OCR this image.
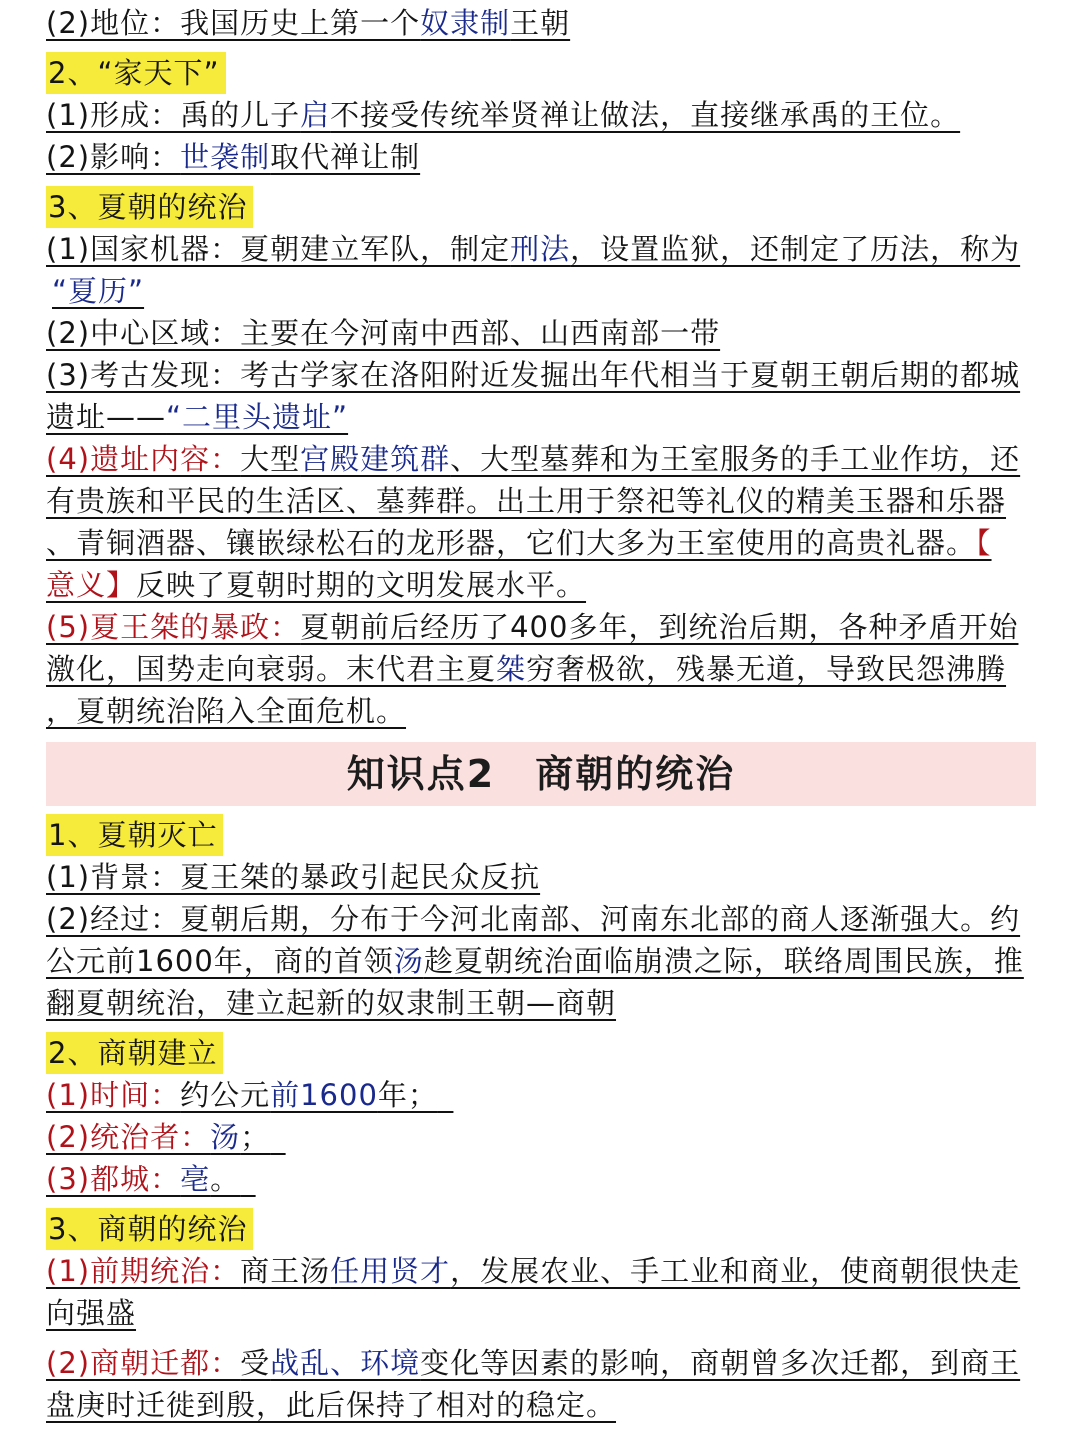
(2)地位：我国历史上第一个奴隶制王朝
2、“家天下”
(1)形成：禹的儿子启不接受传统举贤禅让做法，直接继承禹的王位。
(2)影响：世袭制取代禅让制
3、夏朝的统治
(1)国家机器：夏朝建立军队，制定刑法，设置监狱，还制定了历法，称为
“夏历”
(2)中心区域：主要在今河南中西部、山西南部一带
(3)考古发现：考古学家在洛阳附近发掘出年代相当于夏朝王朝后期的都城
遗址——“二里头遗址”
(4)遗址内容：大型宫殿建筑群、大型墓葬和为王室服务的手工业作坊，还
有贵族和平民的生活区、墓葬群。出土用于祭祀等礼仪的精美玉器和乐器
、青铜酒器、镶嵌绿松石的龙形器，它们大多为王室使用的高贵礼器。【
意义】反映了夏朝时期的文明发展水平。
(5)夏王桀的暴政：夏朝前后经历了400多年，到统治后期，各种矛盾开始
激化，国势走向衰弱。末代君主夏桀穷奢极欲，残暴无道，导致民怨沸腾
，夏朝统治陷入全面危机。
知识点2　商朝的统治
1、夏朝灭亡
(1)背景：夏王桀的暴政引起民众反抗
(2)经过：夏朝后期，分布于今河北南部、河南东北部的商人逐渐强大。约
公元前1600年，商的首领汤趁夏朝统治面临崩溃之际，联络周围民族，推
翻夏朝统治，建立起新的奴隶制王朝—商朝
2、商朝建立
(1)时间：约公元前1600年； 
(2)统治者：汤； 
(3)都城：亳。 
3、商朝的统治
(1)前期统治：商王汤任用贤才，发展农业、手工业和商业，使商朝很快走
向强盛
(2)商朝迁都：受战乱、环境变化等因素的影响，商朝曾多次迁都，到商王
盘庚时迁徙到殷，此后保持了相对的稳定。
